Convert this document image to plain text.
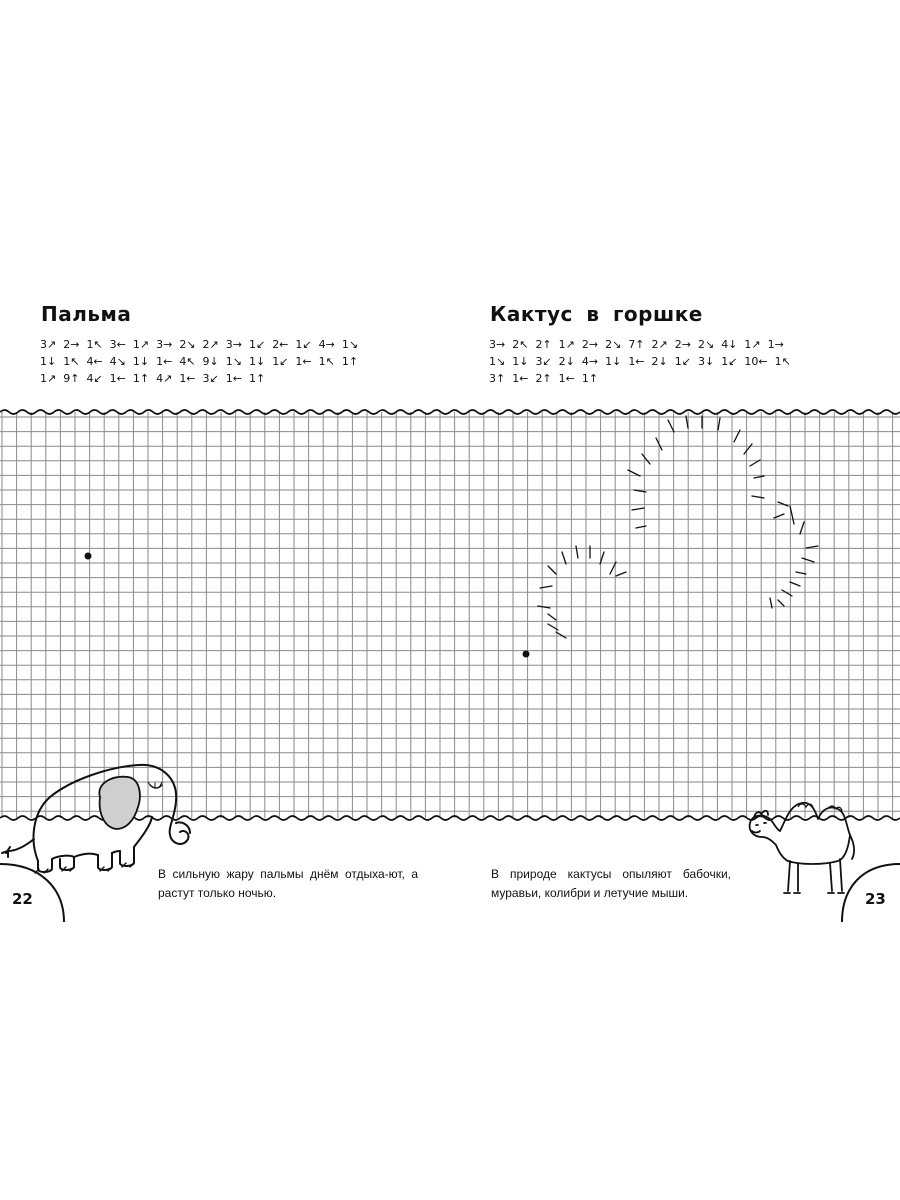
Пальма
3↗ 2→ 1↖ 3← 1↗ 3→ 2↘ 2↗ 3→ 1↙ 2← 1↙ 4→ 1↘
1↓ 1↖ 4← 4↘ 1↓ 1← 4↖ 9↓ 1↘ 1↓ 1↙ 1← 1↖ 1↑
1↗ 9↑ 4↙ 1← 1↑ 4↗ 1← 3↙ 1← 1↑
Кактус в горшке
3→ 2↖ 2↑ 1↗ 2→ 2↘ 7↑ 2↗ 2→ 2↘ 4↓ 1↗ 1→
1↘ 1↓ 3↙ 2↓ 4→ 1↓ 1← 2↓ 1↙ 3↓ 1↙ 10← 1↖
3↑ 1← 2↑ 1← 1↑

В сильную жару пальмы днём отдыха-ют, а растут только ночью.

В природе кактусы опыляют бабочки, муравьи, колибри и летучие мыши.

22	23
